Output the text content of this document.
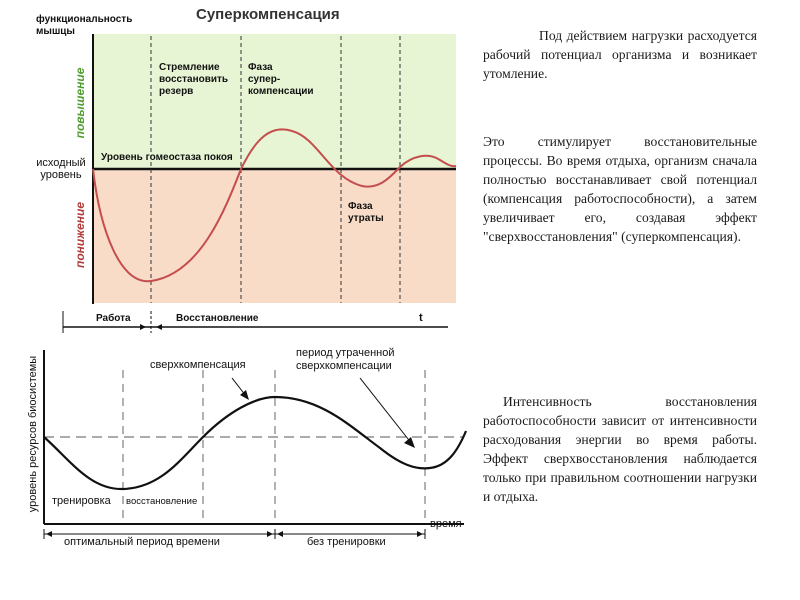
Суперкомпенсация
функциональность
мышцы
исходный
уровень
повышение
понижение
Уровень гомеостаза покоя
Стремление
восстановить
резерв
Фаза
супер-
компенсации
Фаза
утраты
Работа	Восстановление	t
уровень ресурсов биосистемы	сверхкомпенсация
период утраченной
сверхкомпенсации
тренировка восстановление
время
оптимальный период времени	без тренировки

Под действием нагрузки расходуется рабочий потенциал организма и возникает утомление.

Это стимулирует восстановительные процессы. Во время отдыха, организм сначала полностью восстанавливает свой потенциал (компенсация работоспособности), а затем увеличивает его, создавая эффект "сверхвосстановления" (суперкомпенсация).

Интенсивность восстановления работоспособности зависит от интенсивности расходования энергии во время работы. Эффект сверхвосстановления наблюдается только при правильном соотношении нагрузки и отдыха.
